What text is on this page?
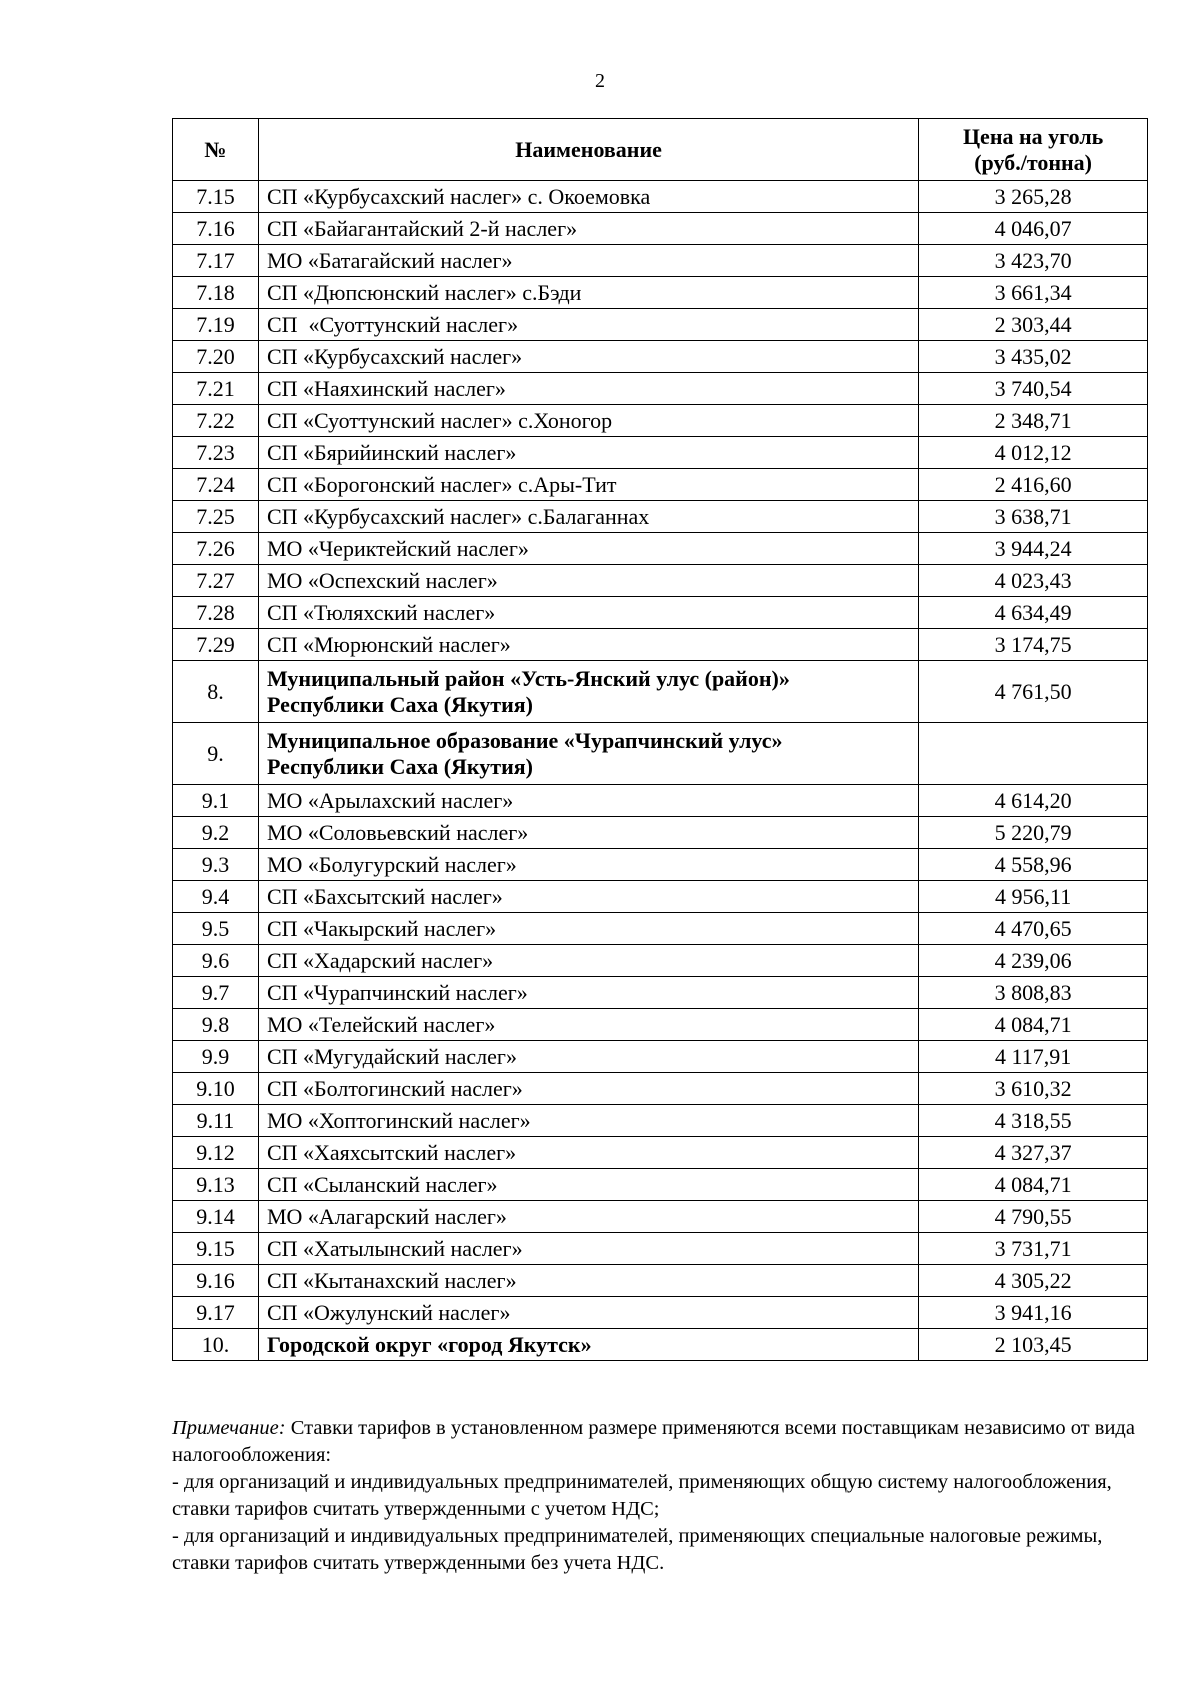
2
№	Наименование	Цена на уголь
(руб./тонна)

7.15	СП «Курбусахский наслег» с. Окоемовка	3 265,28
7.16	СП «Байагантайский 2-й наслег»	4 046,07
7.17	МО «Батагайский наслег»	3 423,70
7.18	СП «Дюпсюнский наслег» с.Бэди	3 661,34
7.19	СП  «Суоттунский наслег»	2 303,44
7.20	СП «Курбусахский наслег»	3 435,02
7.21	СП «Наяхинский наслег»	3 740,54
7.22	СП «Суоттунский наслег» с.Хоногор	2 348,71
7.23	СП «Бярийинский наслег»	4 012,12
7.24	СП «Борогонский наслег» с.Ары-Тит	2 416,60
7.25	СП «Курбусахский наслег» с.Балаганнах	3 638,71
7.26	МО «Чериктейский наслег»	3 944,24
7.27	МО «Оспехский наслег»	4 023,43
7.28	СП «Тюляхский наслег»	4 634,49
7.29	СП «Мюрюнский наслег»	3 174,75
8.	Муниципальный район «Усть-Янский улус (район)»
Республики Саха (Якутия)	4 761,50
9.	Муниципальное образование «Чурапчинский улус»
Республики Саха (Якутия)	

9.1	МО «Арылахский наслег»	4 614,20
9.2	МО «Соловьевский наслег»	5 220,79
9.3	МО «Болугурский наслег»	4 558,96
9.4	СП «Бахсытский наслег»	4 956,11
9.5	СП «Чакырский наслег»	4 470,65
9.6	СП «Хадарский наслег»	4 239,06
9.7	СП «Чурапчинский наслег»	3 808,83
9.8	МО «Телейский наслег»	4 084,71
9.9	СП «Мугудайский наслег»	4 117,91
9.10	СП «Болтогинский наслег»	3 610,32
9.11	МО «Хоптогинский наслег»	4 318,55
9.12	СП «Хаяхсытский наслег»	4 327,37
9.13	СП «Сыланский наслег»	4 084,71
9.14	МО «Алагарский наслег»	4 790,55
9.15	СП «Хатылынский наслег»	3 731,71
9.16	СП «Кытанахский наслег»	4 305,22
9.17	СП «Ожулунский наслег»	3 941,16
10.	Городской округ «город Якутск»	2 103,45

Примечание: Ставки тарифов в установленном размере применяются всеми поставщикам независимо от вида налогообложения:

- для организаций и индивидуальных предпринимателей, применяющих общую систему налогообложения, ставки тарифов считать утвержденными с учетом НДС;

- для организаций и индивидуальных предпринимателей, применяющих специальные налоговые режимы, ставки тарифов считать утвержденными без учета НДС.
